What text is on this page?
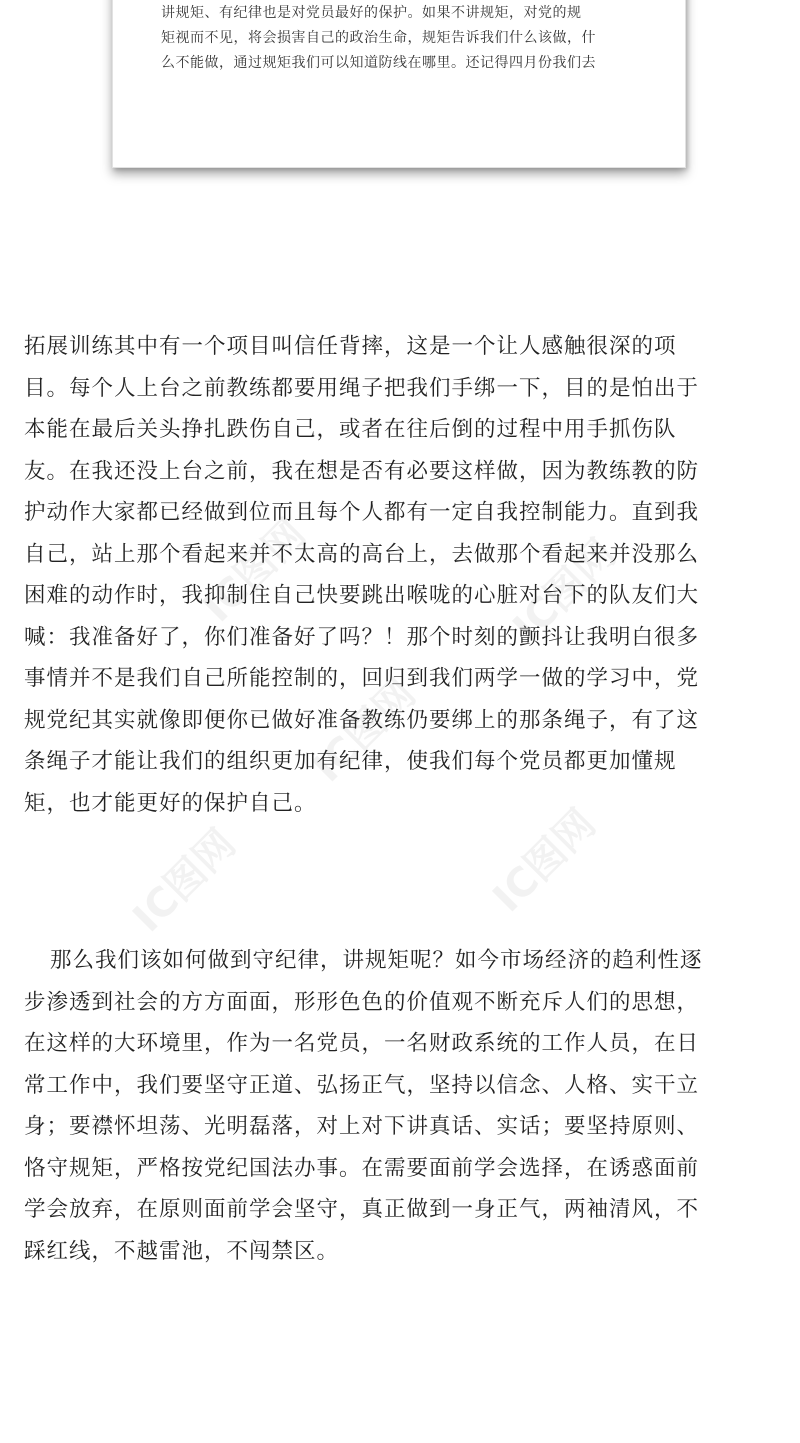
讲规矩、有纪律也是对党员最好的保护。如果不讲规矩，对党的规
矩视而不见，将会损害自己的政治生命，规矩告诉我们什么该做，什
么不能做，通过规矩我们可以知道防线在哪里。还记得四月份我们去
IC图网	IC图网
IC图网	IC图网
IC图网
拓展训练其中有一个项目叫信任背摔，这是一个让人感触很深的项
目。每个人上台之前教练都要用绳子把我们手绑一下，目的是怕出于
本能在最后关头挣扎跌伤自己，或者在往后倒的过程中用手抓伤队
友。在我还没上台之前，我在想是否有必要这样做，因为教练教的防
护动作大家都已经做到位而且每个人都有一定自我控制能力。直到我
自己，站上那个看起来并不太高的高台上，去做那个看起来并没那么
困难的动作时，我抑制住自己快要跳出喉咙的心脏对台下的队友们大
喊：我准备好了，你们准备好了吗？！那个时刻的颤抖让我明白很多
事情并不是我们自己所能控制的，回归到我们两学一做的学习中，党
规党纪其实就像即便你已做好准备教练仍要绑上的那条绳子，有了这
条绳子才能让我们的组织更加有纪律，使我们每个党员都更加懂规
矩，也才能更好的保护自己。
那么我们该如何做到守纪律，讲规矩呢？如今市场经济的趋利性逐
步渗透到社会的方方面面，形形色色的价值观不断充斥人们的思想，
在这样的大环境里，作为一名党员，一名财政系统的工作人员，在日
常工作中，我们要坚守正道、弘扬正气，坚持以信念、人格、实干立
身；要襟怀坦荡、光明磊落，对上对下讲真话、实话；要坚持原则、
恪守规矩，严格按党纪国法办事。在需要面前学会选择，在诱惑面前
学会放弃，在原则面前学会坚守，真正做到一身正气，两袖清风，不
踩红线，不越雷池，不闯禁区。
